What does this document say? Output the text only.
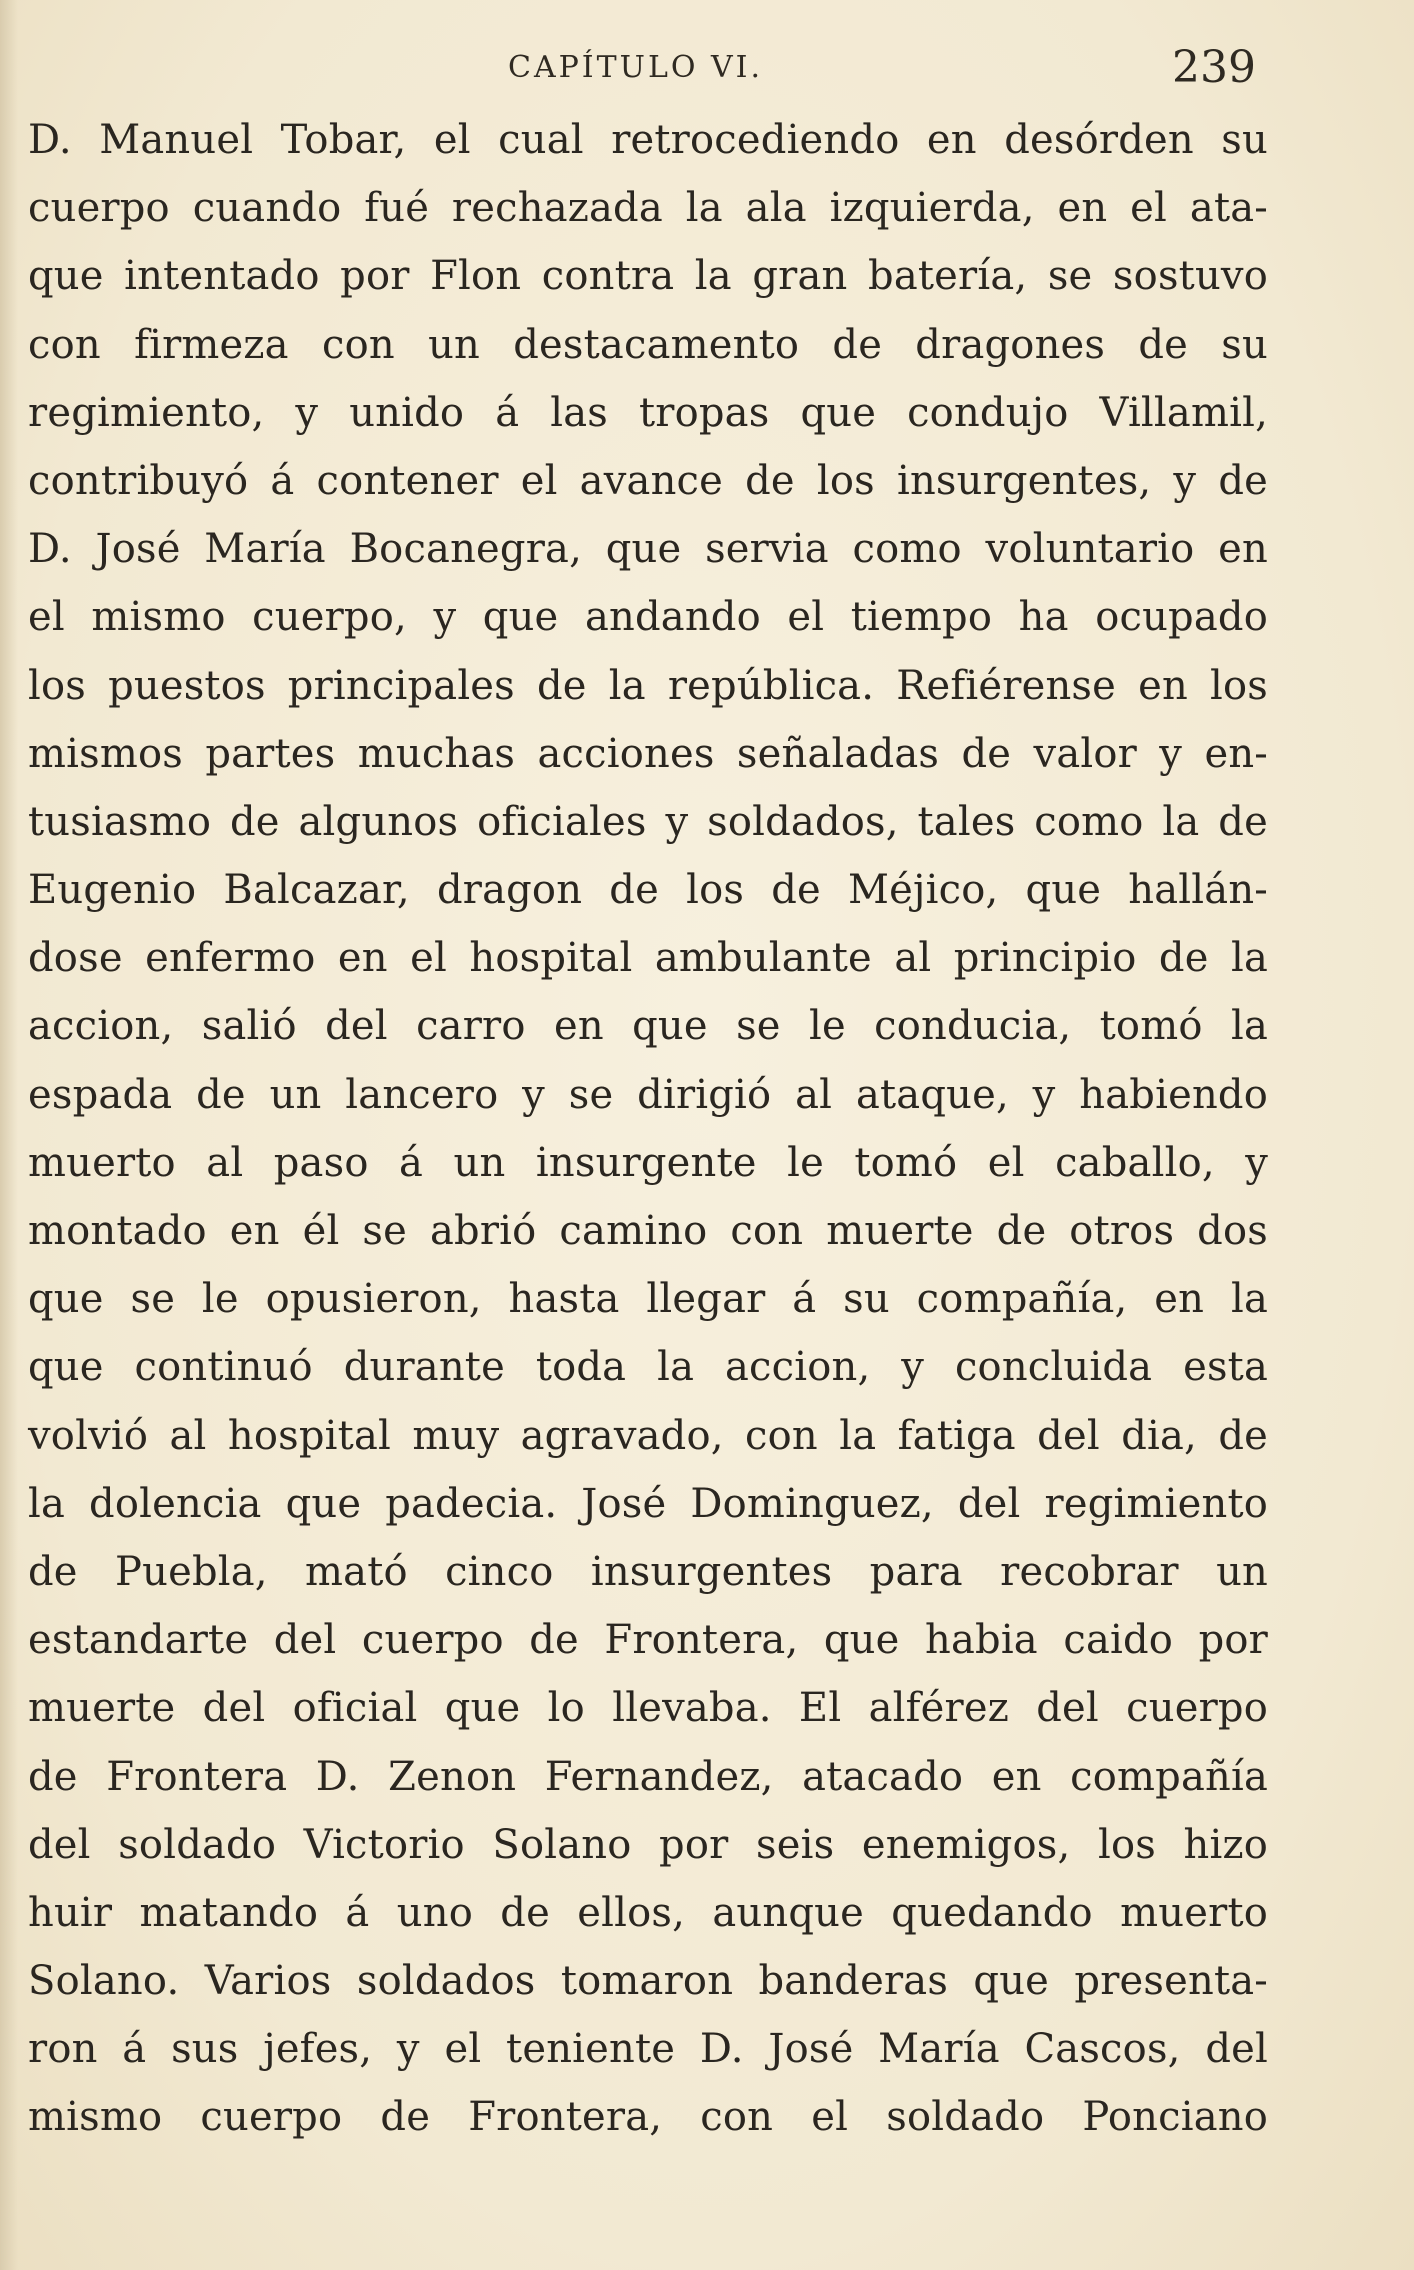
CAPÍTULO VI.	239
D. Manuel Tobar, el cual retrocediendo en desórden su
cuerpo cuando fué rechazada la ala izquierda, en el ata-
que intentado por Flon contra la gran batería, se sostuvo
con firmeza con un destacamento de dragones de su
regimiento, y unido á las tropas que condujo Villamil,
contribuyó á contener el avance de los insurgentes, y de
D. José María Bocanegra, que servia como voluntario en
el mismo cuerpo, y que andando el tiempo ha ocupado
los puestos principales de la república. Refiérense en los
mismos partes muchas acciones señaladas de valor y en-
tusiasmo de algunos oficiales y soldados, tales como la de
Eugenio Balcazar, dragon de los de Méjico, que hallán-
dose enfermo en el hospital ambulante al principio de la
accion, salió del carro en que se le conducia, tomó la
espada de un lancero y se dirigió al ataque, y habiendo
muerto al paso á un insurgente le tomó el caballo, y
montado en él se abrió camino con muerte de otros dos
que se le opusieron, hasta llegar á su compañía, en la
que continuó durante toda la accion, y concluida esta
volvió al hospital muy agravado, con la fatiga del dia, de
la dolencia que padecia. José Dominguez, del regimiento
de Puebla, mató cinco insurgentes para recobrar un
estandarte del cuerpo de Frontera, que habia caido por
muerte del oficial que lo llevaba. El alférez del cuerpo
de Frontera D. Zenon Fernandez, atacado en compañía
del soldado Victorio Solano por seis enemigos, los hizo
huir matando á uno de ellos, aunque quedando muerto
Solano. Varios soldados tomaron banderas que presenta-
ron á sus jefes, y el teniente D. José María Cascos, del
mismo cuerpo de Frontera, con el soldado Ponciano
